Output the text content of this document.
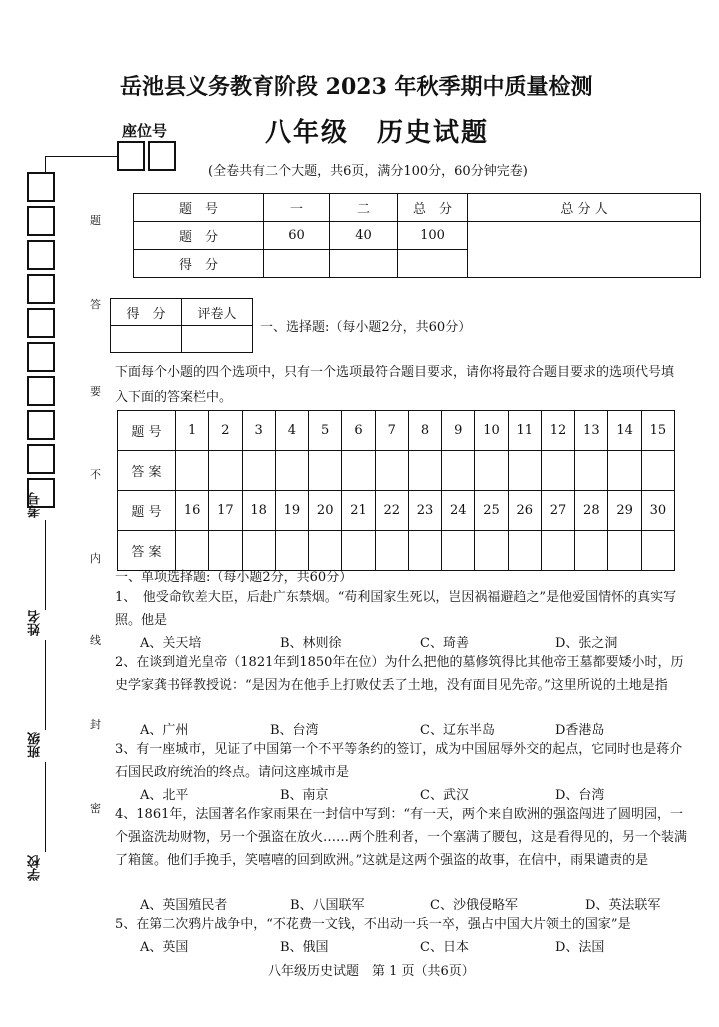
岳池县义务教育阶段 2023 年秋季期中质量检测
座位号	八年级　历史试题
(全卷共有二个大题，共6页，满分100分，60分钟完卷)
题　号	一	二	总　分	总 分 人
题　分	60	40	100	
得　分				
得　分	评卷人

一、选择题:（每小题2分，共60分）
下面每个小题的四个选项中，只有一个选项最符合题目要求，请你将最符合题目要求的选项代号填入下面的答案栏中。
题 号	1	2	3	4	5	6	7	8	9	10	11	12	13	14	15
答 案															
题 号	16	17	18	19	20	21	22	23	24	25	26	27	28	29	30
答 案															
一、单项选择题:（每小题2分，共60分）
1、　他受命钦差大臣，后赴广东禁烟。“苟利国家生死以，岂因祸福避趋之”是他爱国情怀的真实写照。他是
A、关天培	B、林则徐	C、琦善	D、张之洞
2、在谈到道光皇帝（1821年到1850年在位）为什么把他的墓修筑得比其他帝王墓都要矮小时，历史学家龚书铎教授说：“是因为在他手上打败仗丢了土地，没有面目见先帝。”这里所说的土地是指
A、广州	B、台湾	C、辽东半岛	D香港岛
3、有一座城市，见证了中国第一个不平等条约的签订，成为中国屈辱外交的起点，它同时也是蒋介石国民政府统治的终点。请问这座城市是
A、北平	B、南京	C、武汉	D、台湾
4、1861年，法国著名作家雨果在一封信中写到：“有一天，两个来自欧洲的强盗闯进了圆明园，一个强盗洗劫财物，另一个强盗在放火……两个胜利者，一个塞满了腰包，这是看得见的，另一个装满了箱箧。他们手挽手，笑嘻嘻的回到欧洲。”这就是这两个强盗的故事，在信中，雨果谴责的是
A、英国殖民者	B、八国联军	C、沙俄侵略军	D、英法联军
5、在第二次鸦片战争中，“不花费一文钱，不出动一兵一卒，强占中国大片领土的国家”是
A、英国	B、俄国	C、日本	D、法国
八年级历史试题　第 1 页（共6页）
考号
姓名
班级
学校
题
答
要
不
内
线
封
密
